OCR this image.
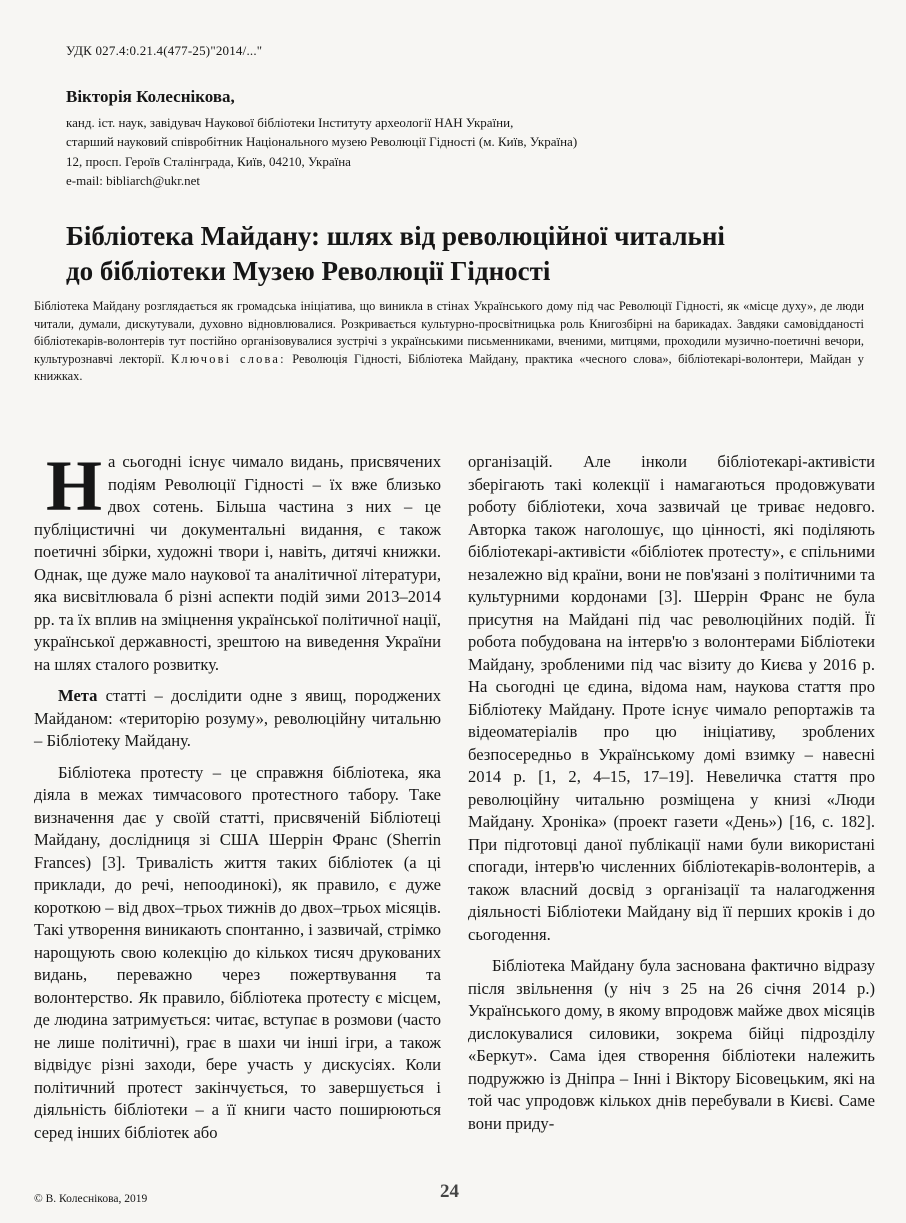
УДК 027.4:0.21.4(477-25)"2014/..."
Вікторія Колеснікова,
канд. іст. наук, завідувач Наукової бібліотеки Інституту археології НАН України,
старший науковий співробітник Національного музею Революції Гідності (м. Київ, Україна)
12, просп. Героїв Сталінграда, Київ, 04210, Україна
e-mail: bibliarch@ukr.net
Бібліотека Майдану: шлях від революційної читальні
до бібліотеки Музею Революції Гідності
Бібліотека Майдану розглядається як громадська ініціатива, що виникла в стінах Українського дому під час Революції Гідності, як «місце духу», де люди читали, думали, дискутували, духовно відновлювалися. Розкривається культурно-просвітницька роль Книгозбірні на барикадах. Завдяки самовідданості бібліотекарів-волонтерів тут постійно організовувалися зустрічі з українськими письменниками, вченими, митцями, проходили музично-поетичні вечори, культурознавчі лекторії. Ключові слова: Революція Гідності, Бібліотека Майдану, практика «чесного слова», бібліотекарі-волонтери, Майдан у книжках.

На сьогодні існує чимало видань, присвячених подіям Революції Гідності – їх вже близько двох сотень. Більша частина з них – це публіцистичні чи документальні видання, є також поетичні збірки, художні твори і, навіть, дитячі книжки. Однак, ще дуже мало наукової та аналітичної літератури, яка висвітлювала б різні аспекти подій зими 2013–2014 рр. та їх вплив на зміцнення української політичної нації, української державності, зрештою на виведення України на шлях сталого розвитку.

Мета статті – дослідити одне з явищ, породжених Майданом: «територію розуму», революційну читальню – Бібліотеку Майдану.

Бібліотека протесту – це справжня бібліотека, яка діяла в межах тимчасового протестного табору. Таке визначення дає у своїй статті, присвяченій Бібліотеці Майдану, дослідниця зі США Шеррін Франс (Sherrin Frances) [3]. Тривалість життя таких бібліотек (а ці приклади, до речі, непоодинокі), як правило, є дуже короткою – від двох–трьох тижнів до двох–трьох місяців. Такі утворення виникають спонтанно, і зазвичай, стрімко нарощують свою колекцію до кількох тисяч друкованих видань, переважно через пожертвування та волонтерство. Як правило, бібліотека протесту є місцем, де людина затримується: читає, вступає в розмови (часто не лише політичні), грає в шахи чи інші ігри, а також відвідує різні заходи, бере участь у дискусіях. Коли політичний протест закінчується, то завершується і діяльність бібліотеки – а її книги часто поширюються серед інших бібліотек або

організацій. Але інколи бібліотекарі-активісти зберігають такі колекції і намагаються продовжувати роботу бібліотеки, хоча зазвичай це триває недовго. Авторка також наголошує, що цінності, які поділяють бібліотекарі-активісти «бібліотек протесту», є спільними незалежно від країни, вони не пов'язані з політичними та культурними кордонами [3]. Шеррін Франс не була присутня на Майдані під час революційних подій. Її робота побудована на інтерв'ю з волонтерами Бібліотеки Майдану, зробленими під час візиту до Києва у 2016 р. На сьогодні це єдина, відома нам, наукова стаття про Бібліотеку Майдану. Проте існує чимало репортажів та відеоматеріалів про цю ініціативу, зроблених безпосередньо в Українському домі взимку – навесні 2014 р. [1, 2, 4–15, 17–19]. Невеличка стаття про революційну читальню розміщена у книзі «Люди Майдану. Хроніка» (проект газети «День») [16, с. 182]. При підготовці даної публікації нами були використані спогади, інтерв'ю численних бібліотекарів-волонтерів, а також власний досвід з організації та налагодження діяльності Бібліотеки Майдану від її перших кроків і до сьогодення.

Бібліотека Майдану була заснована фактично відразу після звільнення (у ніч з 25 на 26 січня 2014 р.) Українського дому, в якому впродовж майже двох місяців дислокувалися силовики, зокрема бійці підрозділу «Беркут». Сама ідея створення бібліотеки належить подружжю із Дніпра – Інні і Віктору Бісовецьким, які на той час упродовж кількох днів перебували в Києві. Саме вони приду-

© В. Колеснікова, 2019	24
